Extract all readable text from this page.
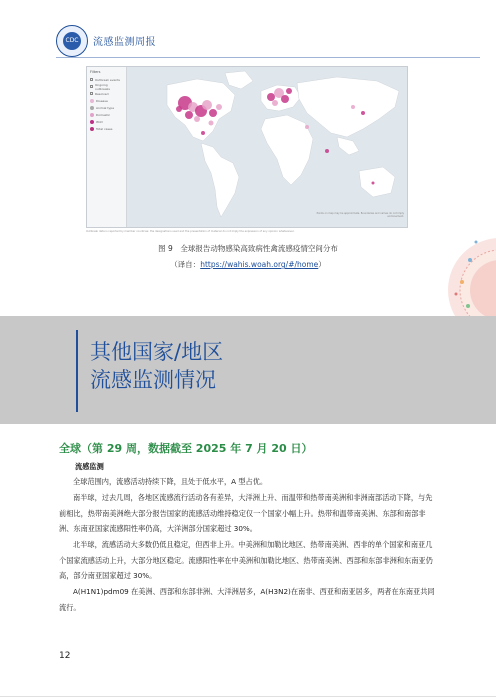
CDC 流感监测周报
Filters
Outbreak events
Ongoing outbreaks
Resolved
Disease
Animal type
Domestic
Wild
Total cases
Points on map may be approximate. Boundaries and names do not imply endorsement.
Outbreak data is reported by member countries; the designations used and the presentation of material do not imply the expression of any opinion whatsoever.
图 9　全球报告动物感染高致病性禽流感疫情空间分布
（译自：https://wahis.woah.org/#/home）
其他国家/地区
流感监测情况
全球（第 29 周，数据截至 2025 年 7 月 20 日）
流感监测
全球范围内，流感活动持续下降，且处于低水平，A 型占优。
南半球，过去几周，各地区流感流行活动各有差异，大洋洲上升、而温带和热带南美洲和非洲南部活动下降，与先前相比，热带南美洲绝大部分报告国家的流感活动维持稳定仅一个国家小幅上升。热带和温带南美洲、东部和南部非洲、东南亚国家流感阳性率仍高，大洋洲部分国家超过 30%。
北半球，流感活动大多数仍低且稳定，但西非上升。中美洲和加勒比地区、热带南美洲、西非的单个国家和南亚几个国家流感活动上升，大部分地区稳定。流感阳性率在中美洲和加勒比地区、热带南美洲、西部和东部非洲和东南亚仍高，部分南亚国家超过 30%。
A(H1N1)pdm09 在美洲、西部和东部非洲、大洋洲居多，A(H3N2)在南非、西亚和南亚居多，两者在东南亚共同流行。
12
